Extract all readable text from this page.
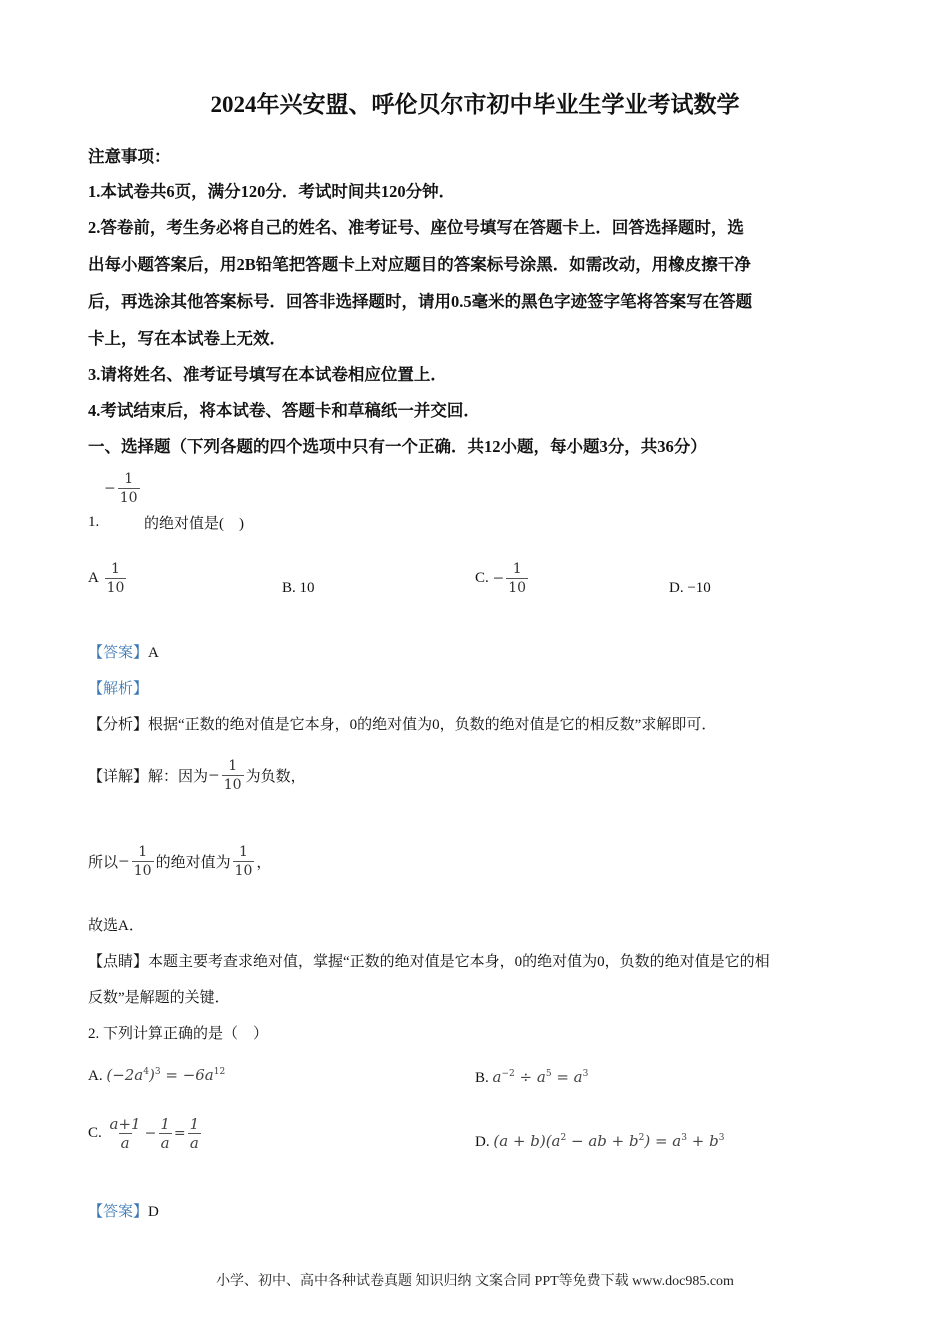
2024年兴安盟、呼伦贝尔市初中毕业生学业考试数学
注意事项：
1.本试卷共6页，满分120分．考试时间共120分钟．
2.答卷前，考生务必将自己的姓名、准考证号、座位号填写在答题卡上．回答选择题时，选
出每小题答案后，用2B铅笔把答题卡上对应题目的答案标号涂黑．如需改动，用橡皮擦干净
后，再选涂其他答案标号．回答非选择题时，请用0.5毫米的黑色字迹签字笔将答案写在答题
卡上，写在本试卷上无效．
3.请将姓名、准考证号填写在本试卷相应位置上．
4.考试结束后，将本试卷、答题卡和草稿纸一并交回．
一、选择题（下列各题的四个选项中只有一个正确．共12小题，每小题3分，共36分）
− $\frac{1}{10}$
1.	的绝对值是(　)
A $\frac{1}{10}$	B. 10
C. − $\frac{1}{10}$	D. −10
【答案】A
【解析】
【分析】根据“正数的绝对值是它本身，0的绝对值为0，负数的绝对值是它的相反数”求解即可．
【详解】解：因为− $\frac{1}{10}$ 为负数，
所以− $\frac{1}{10}$ 的绝对值为 $\frac{1}{10}$ ，
故选A．
【点睛】本题主要考查求绝对值，掌握“正数的绝对值是它本身，0的绝对值为0，负数的绝对值是它的相
反数”是解题的关键．
2. 下列计算正确的是（　）
A. $(-2a^4)^3 = -6a^{12}$	B. $a^{-2} \div a^5 = a^3$
C. $\frac{a+1}{a} - \frac{1}{a} = \frac{1}{a}$	D. $(a + b)(a^2$ − ab + $b^2) = a^3 + b^3$
【答案】D
小学、初中、高中各种试卷真题 知识归纳 文案合同 PPT等免费下载 www.doc985.com
